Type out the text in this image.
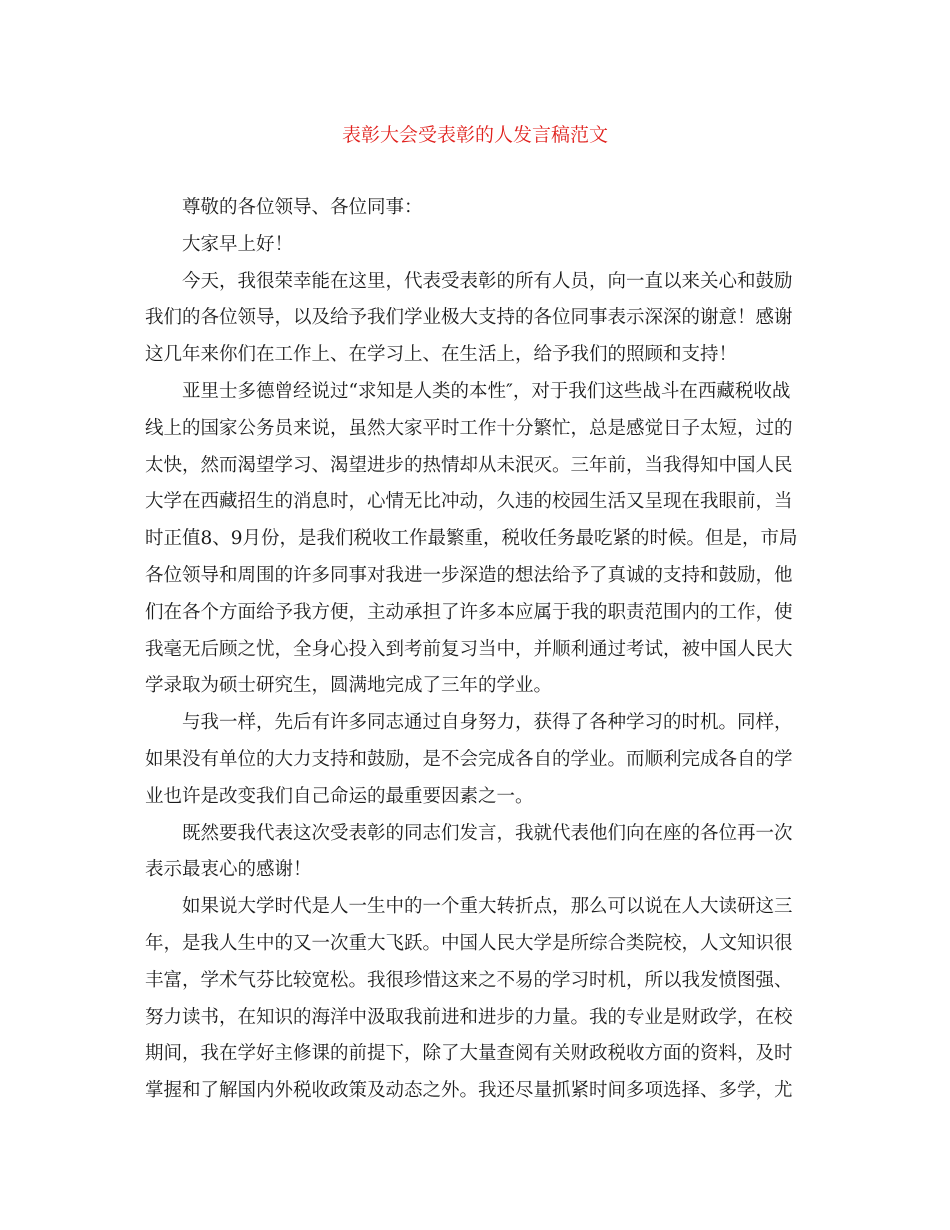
表彰大会受表彰的人发言稿范文
尊敬的各位领导、各位同事：
大家早上好！
今天，我很荣幸能在这里，代表受表彰的所有人员，向一直以来关心和鼓励
我们的各位领导，以及给予我们学业极大支持的各位同事表示深深的谢意！感谢
这几年来你们在工作上、在学习上、在生活上，给予我们的照顾和支持！
亚里士多德曾经说过“求知是人类的本性″，对于我们这些战斗在西藏税收战
线上的国家公务员来说，虽然大家平时工作十分繁忙，总是感觉日子太短，过的
太快，然而渴望学习、渴望进步的热情却从未泯灭。三年前，当我得知中国人民
大学在西藏招生的消息时，心情无比冲动，久违的校园生活又呈现在我眼前，当
时正值8、9月份，是我们税收工作最繁重，税收任务最吃紧的时候。但是，市局
各位领导和周围的许多同事对我进一步深造的想法给予了真诚的支持和鼓励，他
们在各个方面给予我方便，主动承担了许多本应属于我的职责范围内的工作，使
我毫无后顾之忧，全身心投入到考前复习当中，并顺利通过考试，被中国人民大
学录取为硕士研究生，圆满地完成了三年的学业。
与我一样，先后有许多同志通过自身努力，获得了各种学习的时机。同样，
如果没有单位的大力支持和鼓励，是不会完成各自的学业。而顺利完成各自的学
业也许是改变我们自己命运的最重要因素之一。
既然要我代表这次受表彰的同志们发言，我就代表他们向在座的各位再一次
表示最衷心的感谢！
如果说大学时代是人一生中的一个重大转折点，那么可以说在人大读研这三
年，是我人生中的又一次重大飞跃。中国人民大学是所综合类院校，人文知识很
丰富，学术气芬比较宽松。我很珍惜这来之不易的学习时机，所以我发愤图强、
努力读书，在知识的海洋中汲取我前进和进步的力量。我的专业是财政学，在校
期间，我在学好主修课的前提下，除了大量查阅有关财政税收方面的资料，及时
掌握和了解国内外税收政策及动态之外。我还尽量抓紧时间多项选择、多学，尤
